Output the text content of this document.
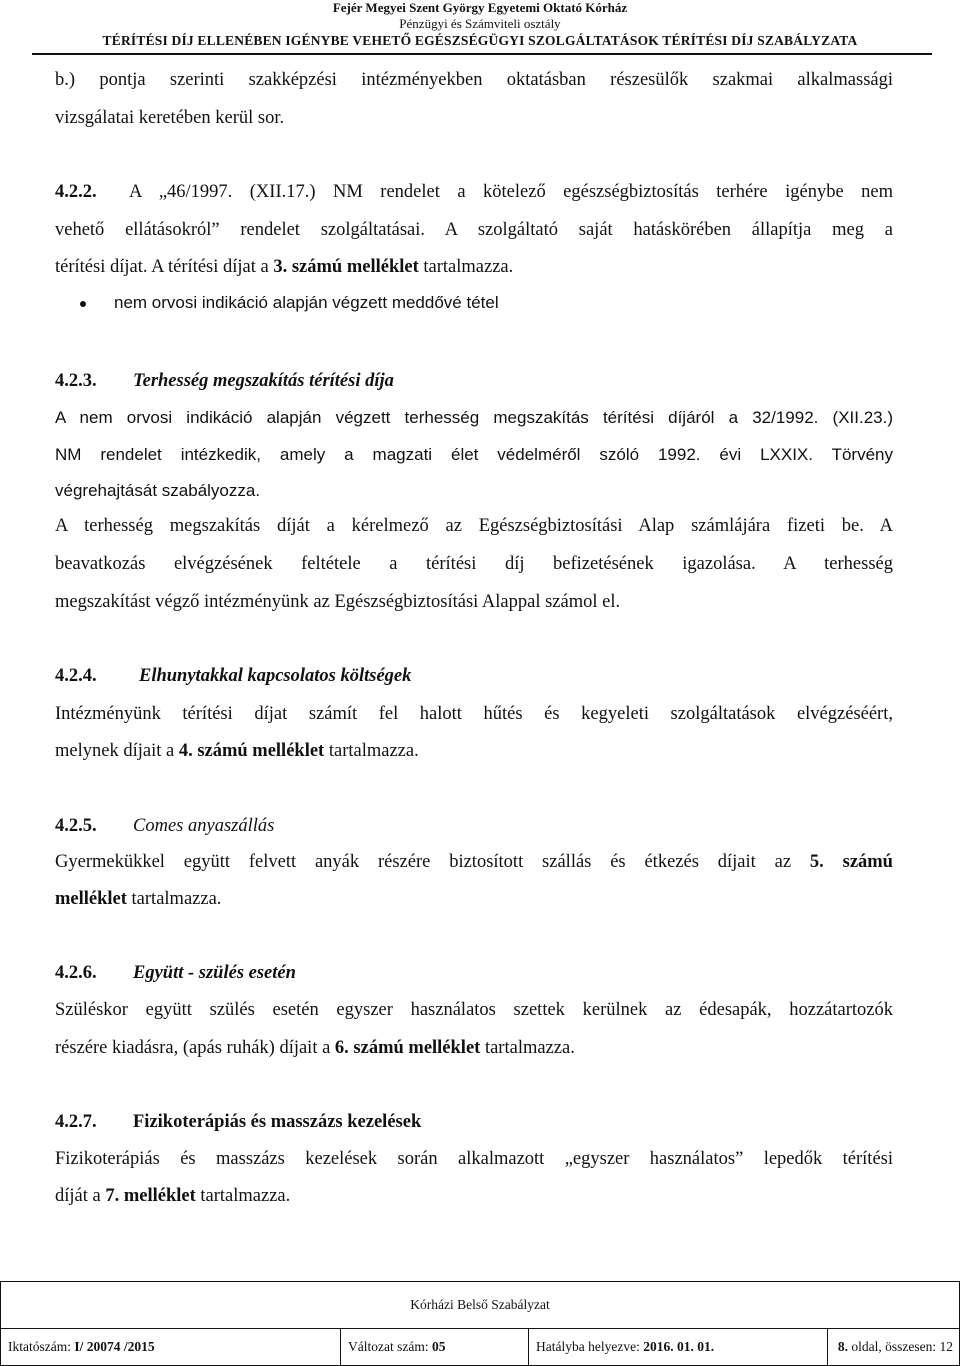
Fejér Megyei Szent György Egyetemi Oktató Kórház
Pénzügyi és Számviteli osztály
TÉRÍTÉSI DÍJ ELLENÉBEN IGÉNYBE VEHETŐ EGÉSZSÉGÜGYI SZOLGÁLTATÁSOK TÉRÍTÉSI DÍJ SZABÁLYZATA

b.) pontja szerinti szakképzési intézményekben oktatásban részesülők szakmai alkalmassági

vizsgálatai keretében kerül sor.

4.2.2. A „46/1997. (XII.17.) NM rendelet a kötelező egészségbiztosítás terhére igénybe nem

vehető ellátásokról” rendelet szolgáltatásai. A szolgáltató saját hatáskörében állapítja meg a

térítési díjat. A térítési díjat a 3. számú melléklet tartalmazza.

nem orvosi indikáció alapján végzett meddővé tétel

4.2.3. Terhesség megszakítás térítési díja

A nem orvosi indikáció alapján végzett terhesség megszakítás térítési díjáról a 32/1992. (XII.23.)

NM rendelet intézkedik, amely a magzati élet védelméről szóló 1992. évi LXXIX. Törvény

végrehajtását szabályozza.

A terhesség megszakítás díját a kérelmező az Egészségbiztosítási Alap számlájára fizeti be. A

beavatkozás elvégzésének feltétele a térítési díj befizetésének igazolása. A terhesség

megszakítást végző intézményünk az Egészségbiztosítási Alappal számol el.

4.2.4. Elhunytakkal kapcsolatos költségek

Intézményünk térítési díjat számít fel halott hűtés és kegyeleti szolgáltatások elvégzéséért,

melynek díjait a 4. számú melléklet tartalmazza.

4.2.5. Comes anyaszállás

Gyermekükkel együtt felvett anyák részére biztosított szállás és étkezés díjait az 5. számú

melléklet tartalmazza.

4.2.6. Együtt - szülés esetén

Szüléskor együtt szülés esetén egyszer használatos szettek kerülnek az édesapák, hozzátartozók

részére kiadásra, (apás ruhák) díjait a 6. számú melléklet tartalmazza.

4.2.7. Fizikoterápiás és masszázs kezelések

Fizikoterápiás és masszázs kezelések során alkalmazott „egyszer használatos” lepedők térítési

díját a 7. melléklet tartalmazza.

Kórházi Belső Szabályzat
Iktatószám: I/ 20074 /2015	Változat szám: 05	Hatályba helyezve: 2016. 01. 01.	8. oldal, összesen: 12
